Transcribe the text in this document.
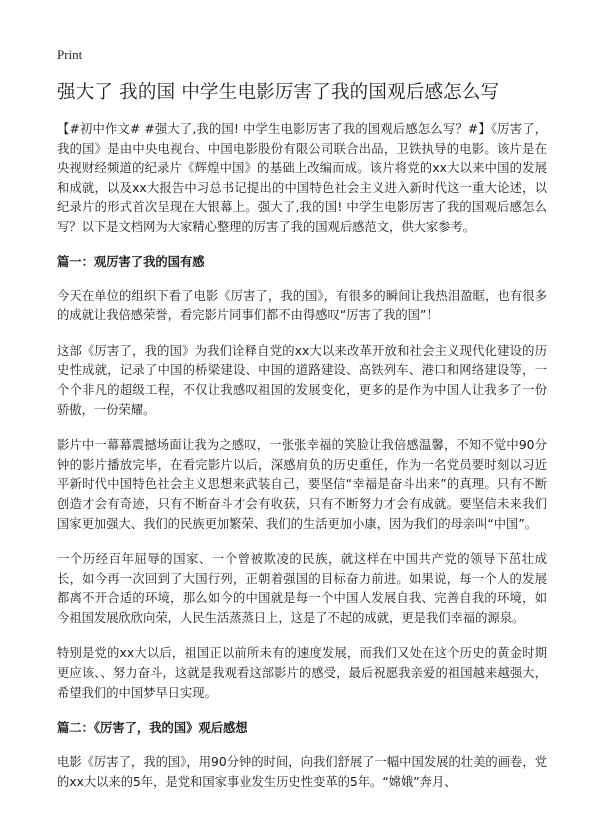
Print
强大了 我的国 中学生电影厉害了我的国观后感怎么写

【#初中作文# #强大了,我的国! 中学生电影厉害了我的国观后感怎么写？#】《厉害了，我的国》是由中央电视台、中国电影股份有限公司联合出品，卫铁执导的电影。该片是在央视财经频道的纪录片《辉煌中国》的基础上改编而成。该片将党的xx大以来中国的发展和成就，以及xx大报告中习总书记提出的中国特色社会主义进入新时代这一重大论述，以纪录片的形式首次呈现在大银幕上。强大了,我的国! 中学生电影厉害了我的国观后感怎么写？以下是文档网为大家精心整理的厉害了我的国观后感范文，供大家参考。

篇一：观厉害了我的国有感

今天在单位的组织下看了电影《厉害了，我的国》，有很多的瞬间让我热泪盈眶，也有很多的成就让我倍感荣誉，看完影片同事们都不由得感叹“厉害了我的国”！

这部《厉害了，我的国》为我们诠释自党的xx大以来改革开放和社会主义现代化建设的历史性成就，记录了中国的桥梁建设、中国的道路建设、高铁列车、港口和网络建设等，一个个非凡的超级工程，不仅让我感叹祖国的发展变化，更多的是作为中国人让我多了一份骄傲，一份荣耀。

影片中一幕幕震撼场面让我为之感叹，一张张幸福的笑脸让我倍感温馨，不知不觉中90分钟的影片播放完毕，在看完影片以后，深感肩负的历史重任，作为一名党员要时刻以习近平新时代中国特色社会主义思想来武装自己，要坚信“幸福是奋斗出来”的真理。只有不断创造才会有奇迹，只有不断奋斗才会有收获，只有不断努力才会有成就。要坚信未来我们国家更加强大、我们的民族更加繁荣、我们的生活更加小康，因为我们的母亲叫“中国”。

一个历经百年屈辱的国家、一个曾被欺凌的民族，就这样在中国共产党的领导下茁壮成长，如今再一次回到了大国行列，正朝着强国的目标奋力前进。如果说，每一个人的发展都离不开合适的环境，那么如今的中国就是每一个中国人发展自我、完善自我的环境，如今祖国发展欣欣向荣，人民生活蒸蒸日上，这是了不起的成就，更是我们幸福的源泉。

特别是党的xx大以后，祖国正以前所未有的速度发展，而我们又处在这个历史的黄金时期更应该、、努力奋斗，这就是我观看这部影片的感受，最后祝愿我亲爱的祖国越来越强大，希望我们的中国梦早日实现。

篇二：《厉害了，我的国》观后感想

电影《厉害了，我的国》，用90分钟的时间，向我们舒展了一幅中国发展的壮美的画卷，党的xx大以来的5年，是党和国家事业发生历史性变革的5年。“嫦娥”奔月、
